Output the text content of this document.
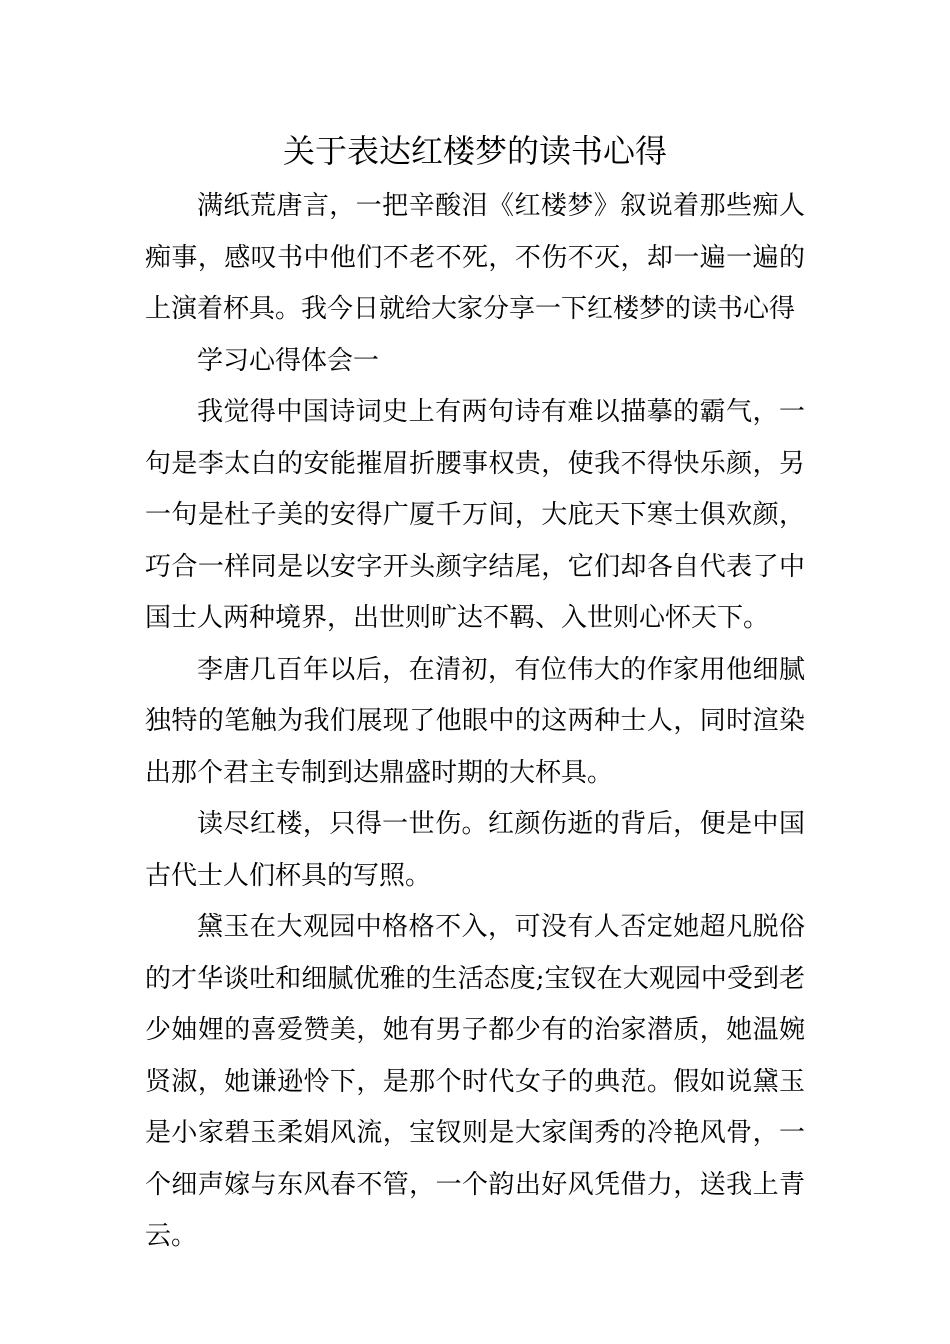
关于表达红楼梦的读书心得

满纸荒唐言，一把辛酸泪《红楼梦》叙说着那些痴人痴事，感叹书中他们不老不死，不伤不灭，却一遍一遍的上演着杯具。我今日就给大家分享一下红楼梦的读书心得

学习心得体会一

我觉得中国诗词史上有两句诗有难以描摹的霸气，一句是李太白的安能摧眉折腰事权贵，使我不得快乐颜，另一句是杜子美的安得广厦千万间，大庇天下寒士俱欢颜，巧合一样同是以安字开头颜字结尾，它们却各自代表了中国士人两种境界，出世则旷达不羁、入世则心怀天下。

李唐几百年以后，在清初，有位伟大的作家用他细腻独特的笔触为我们展现了他眼中的这两种士人，同时渲染出那个君主专制到达鼎盛时期的大杯具。

读尽红楼，只得一世伤。红颜伤逝的背后，便是中国古代士人们杯具的写照。

黛玉在大观园中格格不入，可没有人否定她超凡脱俗的才华谈吐和细腻优雅的生活态度;宝钗在大观园中受到老少妯娌的喜爱赞美，她有男子都少有的治家潜质，她温婉贤淑，她谦逊怜下，是那个时代女子的典范。假如说黛玉是小家碧玉柔娟风流，宝钗则是大家闺秀的冷艳风骨，一个细声嫁与东风春不管，一个韵出好风凭借力，送我上青云。
